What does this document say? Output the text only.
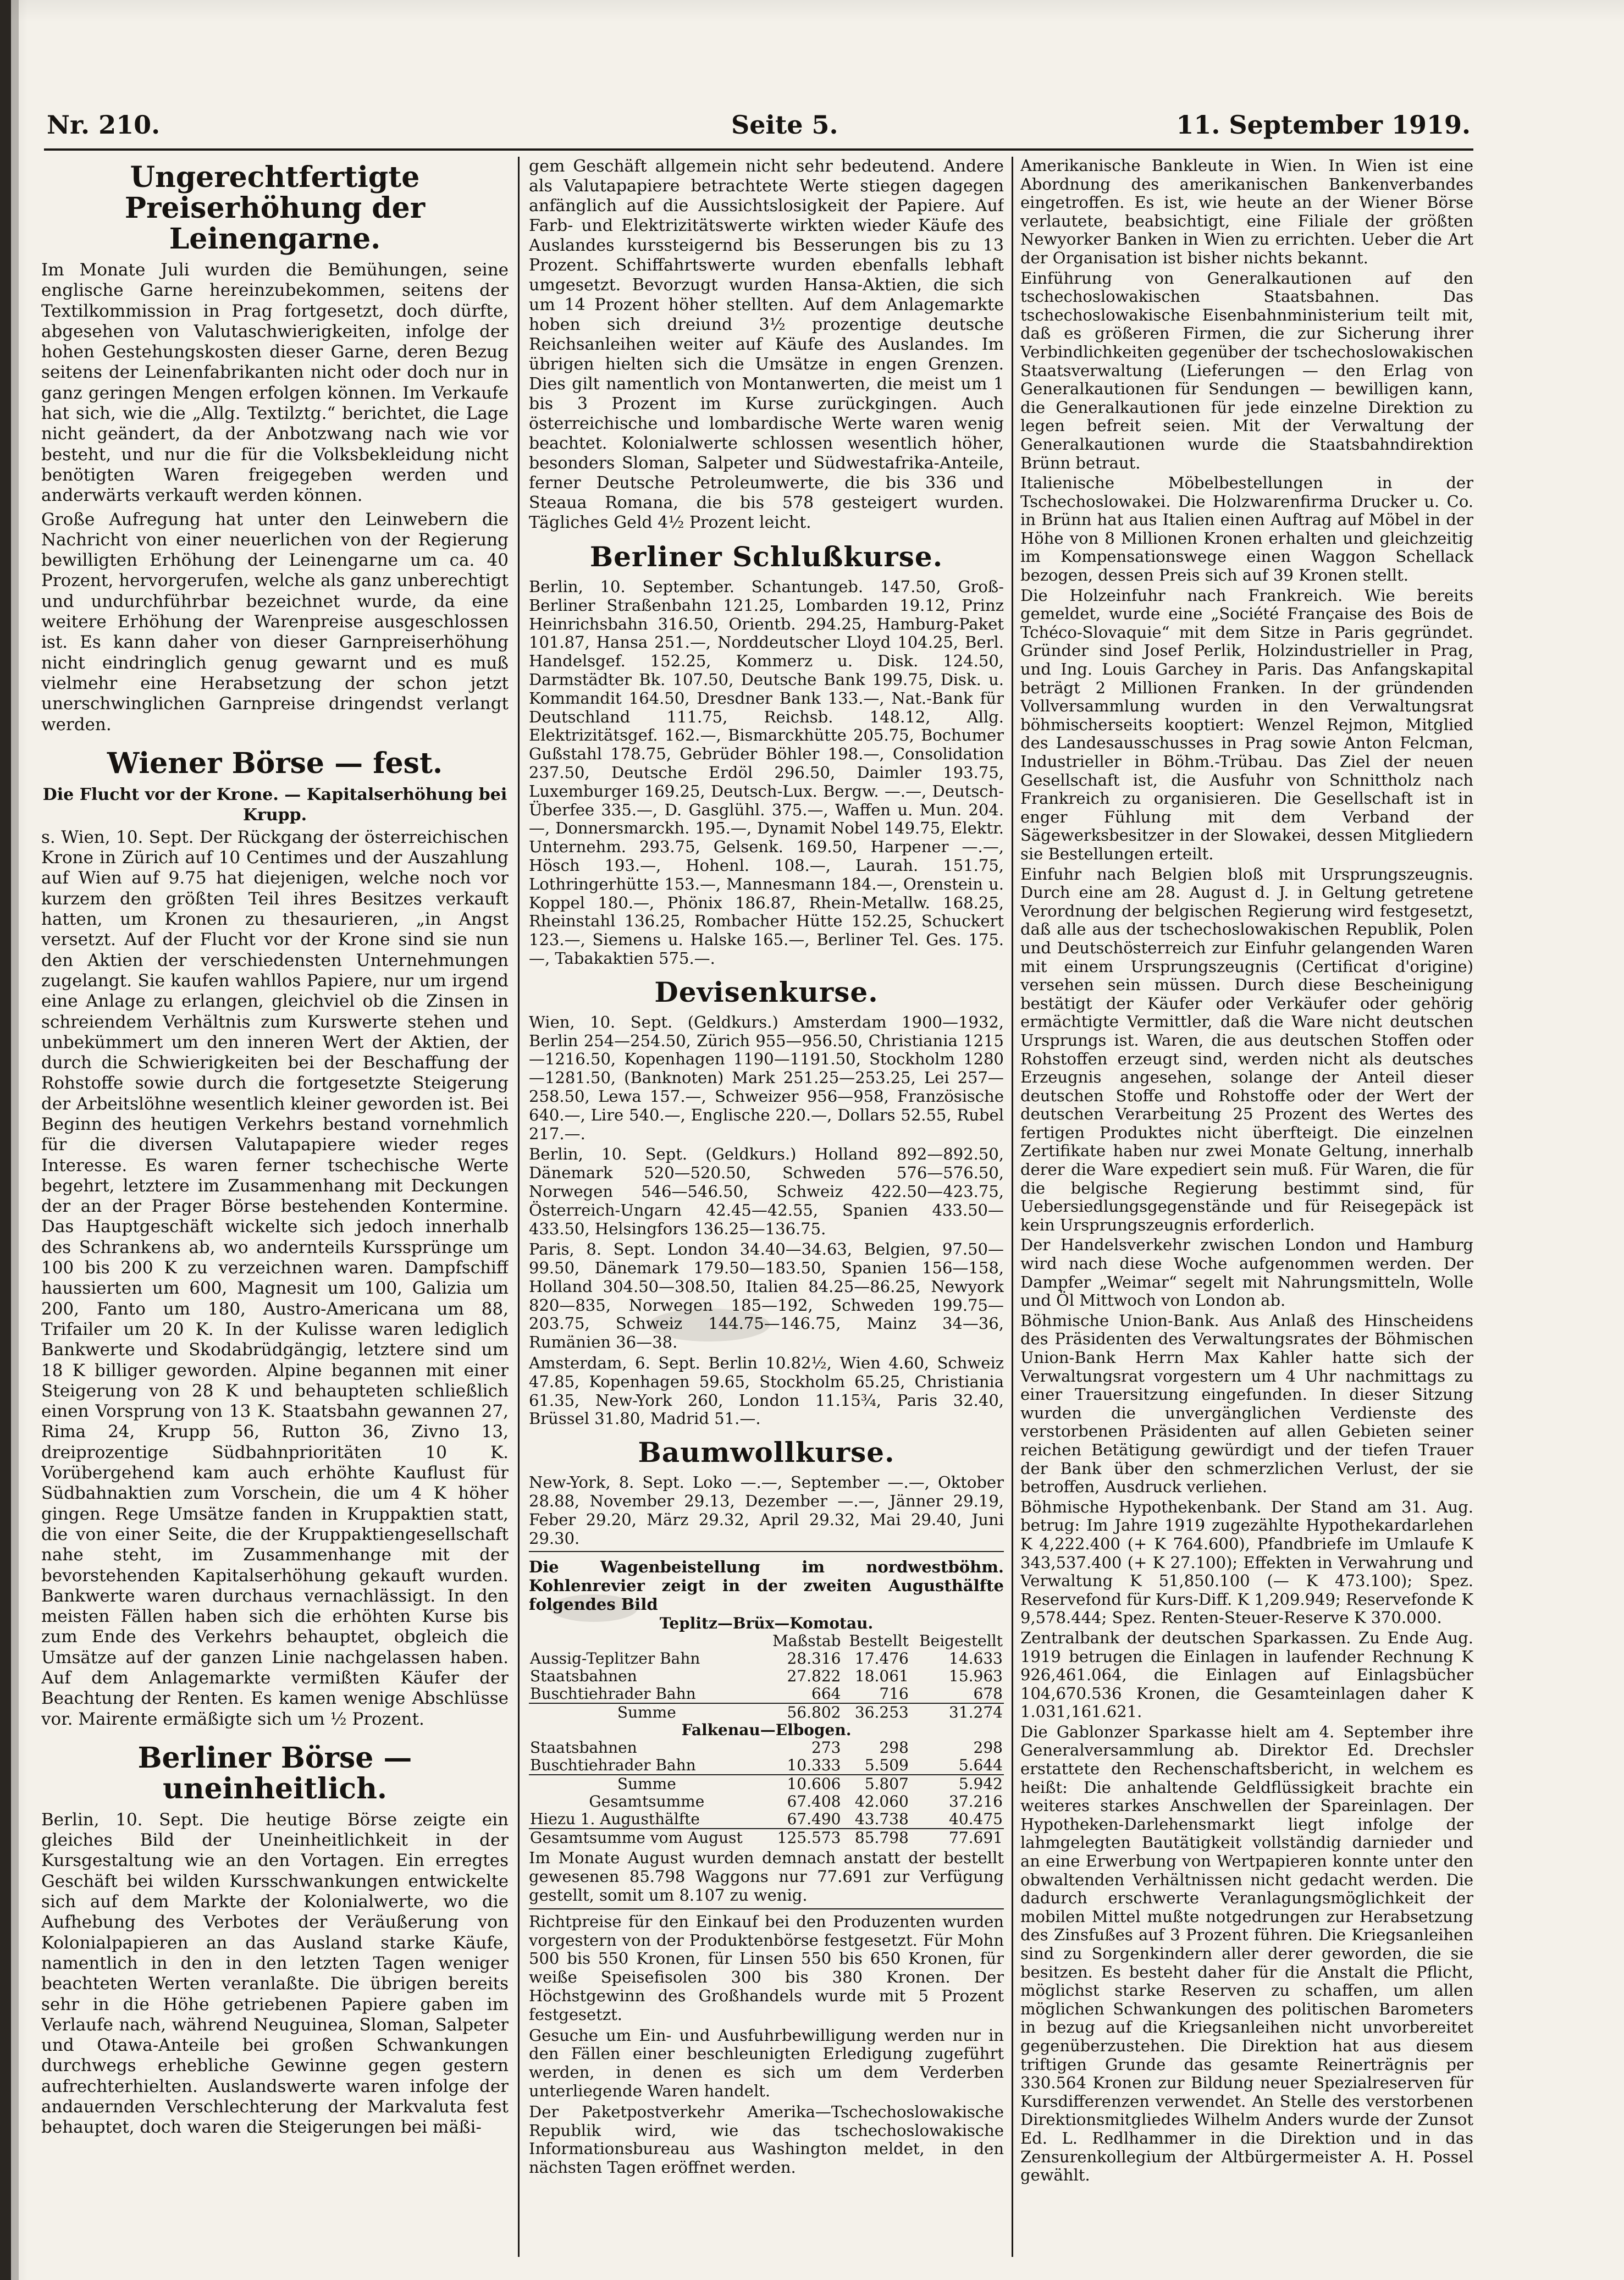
Nr. 210.	Seite 5.	11. September 1919.
Ungerechtfertigte Preiserhöhung der Leinengarne.

Im Monate Juli wurden die Bemühungen, seine englische Garne hereinzubekommen, seitens der Textilkommission in Prag fortgesetzt, doch dürfte, abgesehen von Valutaschwierigkeiten, infolge der hohen Gestehungskosten dieser Garne, deren Bezug seitens der Leinenfabrikanten nicht oder doch nur in ganz geringen Mengen erfolgen können. Im Verkaufe hat sich, wie die „Allg. Textilztg.“ berichtet, die Lage nicht geändert, da der Anbotzwang nach wie vor besteht, und nur die für die Volksbekleidung nicht benötigten Waren freigegeben werden und anderwärts verkauft werden können.

Große Aufregung hat unter den Leinwebern die Nachricht von einer neuerlichen von der Regierung bewilligten Erhöhung der Leinengarne um ca. 40 Prozent, hervorgerufen, welche als ganz unberechtigt und undurchführbar bezeichnet wurde, da eine weitere Erhöhung der Warenpreise ausgeschlossen ist. Es kann daher von dieser Garnpreiserhöhung nicht eindringlich genug gewarnt und es muß vielmehr eine Herabsetzung der schon jetzt unerschwinglichen Garnpreise dringendst verlangt werden.

Wiener Börse — fest.
Die Flucht vor der Krone. — Kapitalserhöhung bei Krupp.

s. Wien, 10. Sept. Der Rückgang der österreichischen Krone in Zürich auf 10 Centimes und der Auszahlung auf Wien auf 9.75 hat diejenigen, welche noch vor kurzem den größten Teil ihres Besitzes verkauft hatten, um Kronen zu thesaurieren, „in Angst versetzt. Auf der Flucht vor der Krone sind sie nun den Aktien der verschiedensten Unternehmungen zugelangt. Sie kaufen wahllos Papiere, nur um irgend eine Anlage zu erlangen, gleichviel ob die Zinsen in schreiendem Verhältnis zum Kurswerte stehen und unbekümmert um den inneren Wert der Aktien, der durch die Schwierigkeiten bei der Beschaffung der Rohstoffe sowie durch die fortgesetzte Steigerung der Arbeitslöhne wesentlich kleiner geworden ist. Bei Beginn des heutigen Verkehrs bestand vornehmlich für die diversen Valutapapiere wieder reges Interesse. Es waren ferner tschechische Werte begehrt, letztere im Zusammenhang mit Deckungen der an der Prager Börse bestehenden Kontermine. Das Hauptgeschäft wickelte sich jedoch innerhalb des Schrankens ab, wo andernteils Kurssprünge um 100 bis 200 K zu verzeichnen waren. Dampfschiff haussierten um 600, Magnesit um 100, Galizia um 200, Fanto um 180, Austro-Americana um 88, Trifailer um 20 K. In der Kulisse waren lediglich Bankwerte und Skodabrüdgängig, letztere sind um 18 K billiger geworden. Alpine begannen mit einer Steigerung von 28 K und behaupteten schließlich einen Vorsprung von 13 K. Staatsbahn gewannen 27, Rima 24, Krupp 56, Rutton 36, Zivno 13, dreiprozentige Südbahnprioritäten 10 K. Vorübergehend kam auch erhöhte Kauflust für Südbahnaktien zum Vorschein, die um 4 K höher gingen. Rege Umsätze fanden in Kruppaktien statt, die von einer Seite, die der Kruppaktiengesellschaft nahe steht, im Zusammenhange mit der bevorstehenden Kapitalserhöhung gekauft wurden. Bankwerte waren durchaus vernachlässigt. In den meisten Fällen haben sich die erhöhten Kurse bis zum Ende des Verkehrs behauptet, obgleich die Umsätze auf der ganzen Linie nachgelassen haben. Auf dem Anlagemarkte vermißten Käufer der Beachtung der Renten. Es kamen wenige Abschlüsse vor. Mairente ermäßigte sich um ½ Prozent.

Berliner Börse — uneinheitlich.

Berlin, 10. Sept. Die heutige Börse zeigte ein gleiches Bild der Uneinheitlichkeit in der Kursgestaltung wie an den Vortagen. Ein erregtes Geschäft bei wilden Kursschwankungen entwickelte sich auf dem Markte der Kolonialwerte, wo die Aufhebung des Verbotes der Veräußerung von Kolonialpapieren an das Ausland starke Käufe, namentlich in den in den letzten Tagen weniger beachteten Werten veranlaßte. Die übrigen bereits sehr in die Höhe getriebenen Papiere gaben im Verlaufe nach, während Neuguinea, Sloman, Salpeter und Otawa-Anteile bei großen Schwankungen durchwegs erhebliche Gewinne gegen gestern aufrechterhielten. Auslandswerte waren infolge der andauernden Verschlechterung der Markvaluta fest behauptet, doch waren die Steigerungen bei mäßi-

gem Geschäft allgemein nicht sehr bedeutend. Andere als Valutapapiere betrachtete Werte stiegen dagegen anfänglich auf die Aussichtslosigkeit der Papiere. Auf Farb- und Elektrizitätswerte wirkten wieder Käufe des Auslandes kurssteigernd bis Besserungen bis zu 13 Prozent. Schiffahrtswerte wurden ebenfalls lebhaft umgesetzt. Bevorzugt wurden Hansa-Aktien, die sich um 14 Prozent höher stellten. Auf dem Anlagemarkte hoben sich dreiund 3½ prozentige deutsche Reichsanleihen weiter auf Käufe des Auslandes. Im übrigen hielten sich die Umsätze in engen Grenzen. Dies gilt namentlich von Montanwerten, die meist um 1 bis 3 Prozent im Kurse zurückgingen. Auch österreichische und lombardische Werte waren wenig beachtet. Kolonialwerte schlossen wesentlich höher, besonders Sloman, Salpeter und Südwestafrika-Anteile, ferner Deutsche Petroleumwerte, die bis 336 und Steaua Romana, die bis 578 gesteigert wurden. Tägliches Geld 4½ Prozent leicht.

Berliner Schlußkurse.

Berlin, 10. September. Schantungeb. 147.50, Groß-Berliner Straßenbahn 121.25, Lombarden 19.12, Prinz Heinrichsbahn 316.50, Orientb. 294.25, Hamburg-Paket 101.87, Hansa 251.—, Norddeutscher Lloyd 104.25, Berl. Handelsgef. 152.25, Kommerz u. Disk. 124.50, Darmstädter Bk. 107.50, Deutsche Bank 199.75, Disk. u. Kommandit 164.50, Dresdner Bank 133.—, Nat.-Bank für Deutschland 111.75, Reichsb. 148.12, Allg. Elektrizitätsgef. 162.—, Bismarckhütte 205.75, Bochumer Gußstahl 178.75, Gebrüder Böhler 198.—, Consolidation 237.50, Deutsche Erdöl 296.50, Daimler 193.75, Luxemburger 169.25, Deutsch-Lux. Bergw. —.—, Deutsch-Überfee 335.—, D. Gasglühl. 375.—, Waffen u. Mun. 204.—, Donnersmarckh. 195.—, Dynamit Nobel 149.75, Elektr. Unternehm. 293.75, Gelsenk. 169.50, Harpener —.—, Hösch 193.—, Hohenl. 108.—, Laurah. 151.75, Lothringerhütte 153.—, Mannesmann 184.—, Orenstein u. Koppel 180.—, Phönix 186.87, Rhein-Metallw. 168.25, Rheinstahl 136.25, Rombacher Hütte 152.25, Schuckert 123.—, Siemens u. Halske 165.—, Berliner Tel. Ges. 175.—, Tabakaktien 575.—.

Devisenkurse.

Wien, 10. Sept. (Geldkurs.) Amsterdam 1900—1932, Berlin 254—254.50, Zürich 955—956.50, Christiania 1215—1216.50, Kopenhagen 1190—1191.50, Stockholm 1280—1281.50, (Banknoten) Mark 251.25—253.25, Lei 257—258.50, Lewa 157.—, Schweizer 956—958, Französische 640.—, Lire 540.—, Englische 220.—, Dollars 52.55, Rubel 217.—.

Berlin, 10. Sept. (Geldkurs.) Holland 892—892.50, Dänemark 520—520.50, Schweden 576—576.50, Norwegen 546—546.50, Schweiz 422.50—423.75, Österreich-Ungarn 42.45—42.55, Spanien 433.50—433.50, Helsingfors 136.25—136.75.

Paris, 8. Sept. London 34.40—34.63, Belgien, 97.50—99.50, Dänemark 179.50—183.50, Spanien 156—158, Holland 304.50—308.50, Italien 84.25—86.25, Newyork 820—835, Norwegen 185—192, Schweden 199.75—203.75, Schweiz 144.75—146.75, Mainz 34—36, Rumänien 36—38.

Amsterdam, 6. Sept. Berlin 10.82½, Wien 4.60, Schweiz 47.85, Kopenhagen 59.65, Stockholm 65.25, Christiania 61.35, New-York 260, London 11.15¾, Paris 32.40, Brüssel 31.80, Madrid 51.—.

Baumwollkurse.

New-York, 8. Sept. Loko —.—, September —.—, Oktober 28.88, November 29.13, Dezember —.—, Jänner 29.19, Feber 29.20, März 29.32, April 29.32, Mai 29.40, Juni 29.30.

Die Wagenbeistellung im nordwestböhm. Kohlenrevier zeigt in der zweiten Augusthälfte folgendes Bild
Teplitz—Brüx—Komotau.
	Maßstab	Bestellt	Beigestellt
Aussig-Teplitzer Bahn	28.316	17.476	14.633
Staatsbahnen	27.822	18.061	15.963
Buschtiehrader Bahn	664	716	678
Summe	56.802	36.253	31.274
Falkenau—Elbogen.			
Staatsbahnen	273	298	298
Buschtiehrader Bahn	10.333	5.509	5.644
Summe	10.606	5.807	5.942
Gesamtsumme	67.408	42.060	37.216
Hiezu 1. Augusthälfte	67.490	43.738	40.475
Gesamtsumme vom August	125.573	85.798	77.691

Im Monate August wurden demnach anstatt der bestellt gewesenen 85.798 Waggons nur 77.691 zur Verfügung gestellt, somit um 8.107 zu wenig.

Richtpreise für den Einkauf bei den Produzenten wurden vorgestern von der Produktenbörse festgesetzt. Für Mohn 500 bis 550 Kronen, für Linsen 550 bis 650 Kronen, für weiße Speisefisolen 300 bis 380 Kronen. Der Höchstgewinn des Großhandels wurde mit 5 Prozent festgesetzt.

Gesuche um Ein- und Ausfuhrbewilligung werden nur in den Fällen einer beschleunigten Erledigung zugeführt werden, in denen es sich um dem Verderben unterliegende Waren handelt.

Der Paketpostverkehr Amerika—Tschechoslowakische Republik wird, wie das tschechoslowakische Informationsbureau aus Washington meldet, in den nächsten Tagen eröffnet werden.

Amerikanische Bankleute in Wien. In Wien ist eine Abordnung des amerikanischen Bankenverbandes eingetroffen. Es ist, wie heute an der Wiener Börse verlautete, beabsichtigt, eine Filiale der größten Newyorker Banken in Wien zu errichten. Ueber die Art der Organisation ist bisher nichts bekannt.

Einführung von Generalkautionen auf den tschechoslowakischen Staatsbahnen. Das tschechoslowakische Eisenbahnministerium teilt mit, daß es größeren Firmen, die zur Sicherung ihrer Verbindlichkeiten gegenüber der tschechoslowakischen Staatsverwaltung (Lieferungen — den Erlag von Generalkautionen für Sendungen — bewilligen kann, die Generalkautionen für jede einzelne Direktion zu legen befreit seien. Mit der Verwaltung der Generalkautionen wurde die Staatsbahndirektion Brünn betraut.

Italienische Möbelbestellungen in der Tschechoslowakei. Die Holzwarenfirma Drucker u. Co. in Brünn hat aus Italien einen Auftrag auf Möbel in der Höhe von 8 Millionen Kronen erhalten und gleichzeitig im Kompensationswege einen Waggon Schellack bezogen, dessen Preis sich auf 39 Kronen stellt.

Die Holzeinfuhr nach Frankreich. Wie bereits gemeldet, wurde eine „Société Française des Bois de Tchéco-Slovaquie“ mit dem Sitze in Paris gegründet. Gründer sind Josef Perlik, Holzindustrieller in Prag, und Ing. Louis Garchey in Paris. Das Anfangskapital beträgt 2 Millionen Franken. In der gründenden Vollversammlung wurden in den Verwaltungsrat böhmischerseits kooptiert: Wenzel Rejmon, Mitglied des Landesausschusses in Prag sowie Anton Felcman, Industrieller in Böhm.-Trübau. Das Ziel der neuen Gesellschaft ist, die Ausfuhr von Schnittholz nach Frankreich zu organisieren. Die Gesellschaft ist in enger Fühlung mit dem Verband der Sägewerksbesitzer in der Slowakei, dessen Mitgliedern sie Bestellungen erteilt.

Einfuhr nach Belgien bloß mit Ursprungszeugnis. Durch eine am 28. August d. J. in Geltung getretene Verordnung der belgischen Regierung wird festgesetzt, daß alle aus der tschechoslowakischen Republik, Polen und Deutschösterreich zur Einfuhr gelangenden Waren mit einem Ursprungszeugnis (Certificat d'origine) versehen sein müssen. Durch diese Bescheinigung bestätigt der Käufer oder Verkäufer oder gehörig ermächtigte Vermittler, daß die Ware nicht deutschen Ursprungs ist. Waren, die aus deutschen Stoffen oder Rohstoffen erzeugt sind, werden nicht als deutsches Erzeugnis angesehen, solange der Anteil dieser deutschen Stoffe und Rohstoffe oder der Wert der deutschen Verarbeitung 25 Prozent des Wertes des fertigen Produktes nicht überfteigt. Die einzelnen Zertifikate haben nur zwei Monate Geltung, innerhalb derer die Ware expediert sein muß. Für Waren, die für die belgische Regierung bestimmt sind, für Uebersiedlungsgegenstände und für Reisegepäck ist kein Ursprungszeugnis erforderlich.

Der Handelsverkehr zwischen London und Hamburg wird nach diese Woche aufgenommen werden. Der Dampfer „Weimar“ segelt mit Nahrungsmitteln, Wolle und Öl Mittwoch von London ab.

Böhmische Union-Bank. Aus Anlaß des Hinscheidens des Präsidenten des Verwaltungsrates der Böhmischen Union-Bank Herrn Max Kahler hatte sich der Verwaltungsrat vorgestern um 4 Uhr nachmittags zu einer Trauersitzung eingefunden. In dieser Sitzung wurden die unvergänglichen Verdienste des verstorbenen Präsidenten auf allen Gebieten seiner reichen Betätigung gewürdigt und der tiefen Trauer der Bank über den schmerzlichen Verlust, der sie betroffen, Ausdruck verliehen.

Böhmische Hypothekenbank. Der Stand am 31. Aug. betrug: Im Jahre 1919 zugezählte Hypothekardarlehen K 4,222.400 (+ K 764.600), Pfandbriefe im Umlaufe K 343,537.400 (+ K 27.100); Effekten in Verwahrung und Verwaltung K 51,850.100 (— K 473.100); Spez. Reservefond für Kurs-Diff. K 1,209.949; Reservefonde K 9,578.444; Spez. Renten-Steuer-Reserve K 370.000.

Zentralbank der deutschen Sparkassen. Zu Ende Aug. 1919 betrugen die Einlagen in laufender Rechnung K 926,461.064, die Einlagen auf Einlagsbücher 104,670.536 Kronen, die Gesamteinlagen daher K 1.031,161.621.

Die Gablonzer Sparkasse hielt am 4. September ihre Generalversammlung ab. Direktor Ed. Drechsler erstattete den Rechenschaftsbericht, in welchem es heißt: Die anhaltende Geldflüssigkeit brachte ein weiteres starkes Anschwellen der Spareinlagen. Der Hypotheken-Darlehensmarkt liegt infolge der lahmgelegten Bautätigkeit vollständig darnieder und an eine Erwerbung von Wertpapieren konnte unter den obwaltenden Verhältnissen nicht gedacht werden. Die dadurch erschwerte Veranlagungsmöglichkeit der mobilen Mittel mußte notgedrungen zur Herabsetzung des Zinsfußes auf 3 Prozent führen. Die Kriegsanleihen sind zu Sorgenkindern aller derer geworden, die sie besitzen. Es besteht daher für die Anstalt die Pflicht, möglichst starke Reserven zu schaffen, um allen möglichen Schwankungen des politischen Barometers in bezug auf die Kriegsanleihen nicht unvorbereitet gegenüberzustehen. Die Direktion hat aus diesem triftigen Grunde das gesamte Reinerträgnis per 330.564 Kronen zur Bildung neuer Spezialreserven für Kursdifferenzen verwendet. An Stelle des verstorbenen Direktionsmitgliedes Wilhelm Anders wurde der Zunsot Ed. L. Redlhammer in die Direktion und in das Zensurenkollegium der Altbürgermeister A. H. Possel gewählt.
